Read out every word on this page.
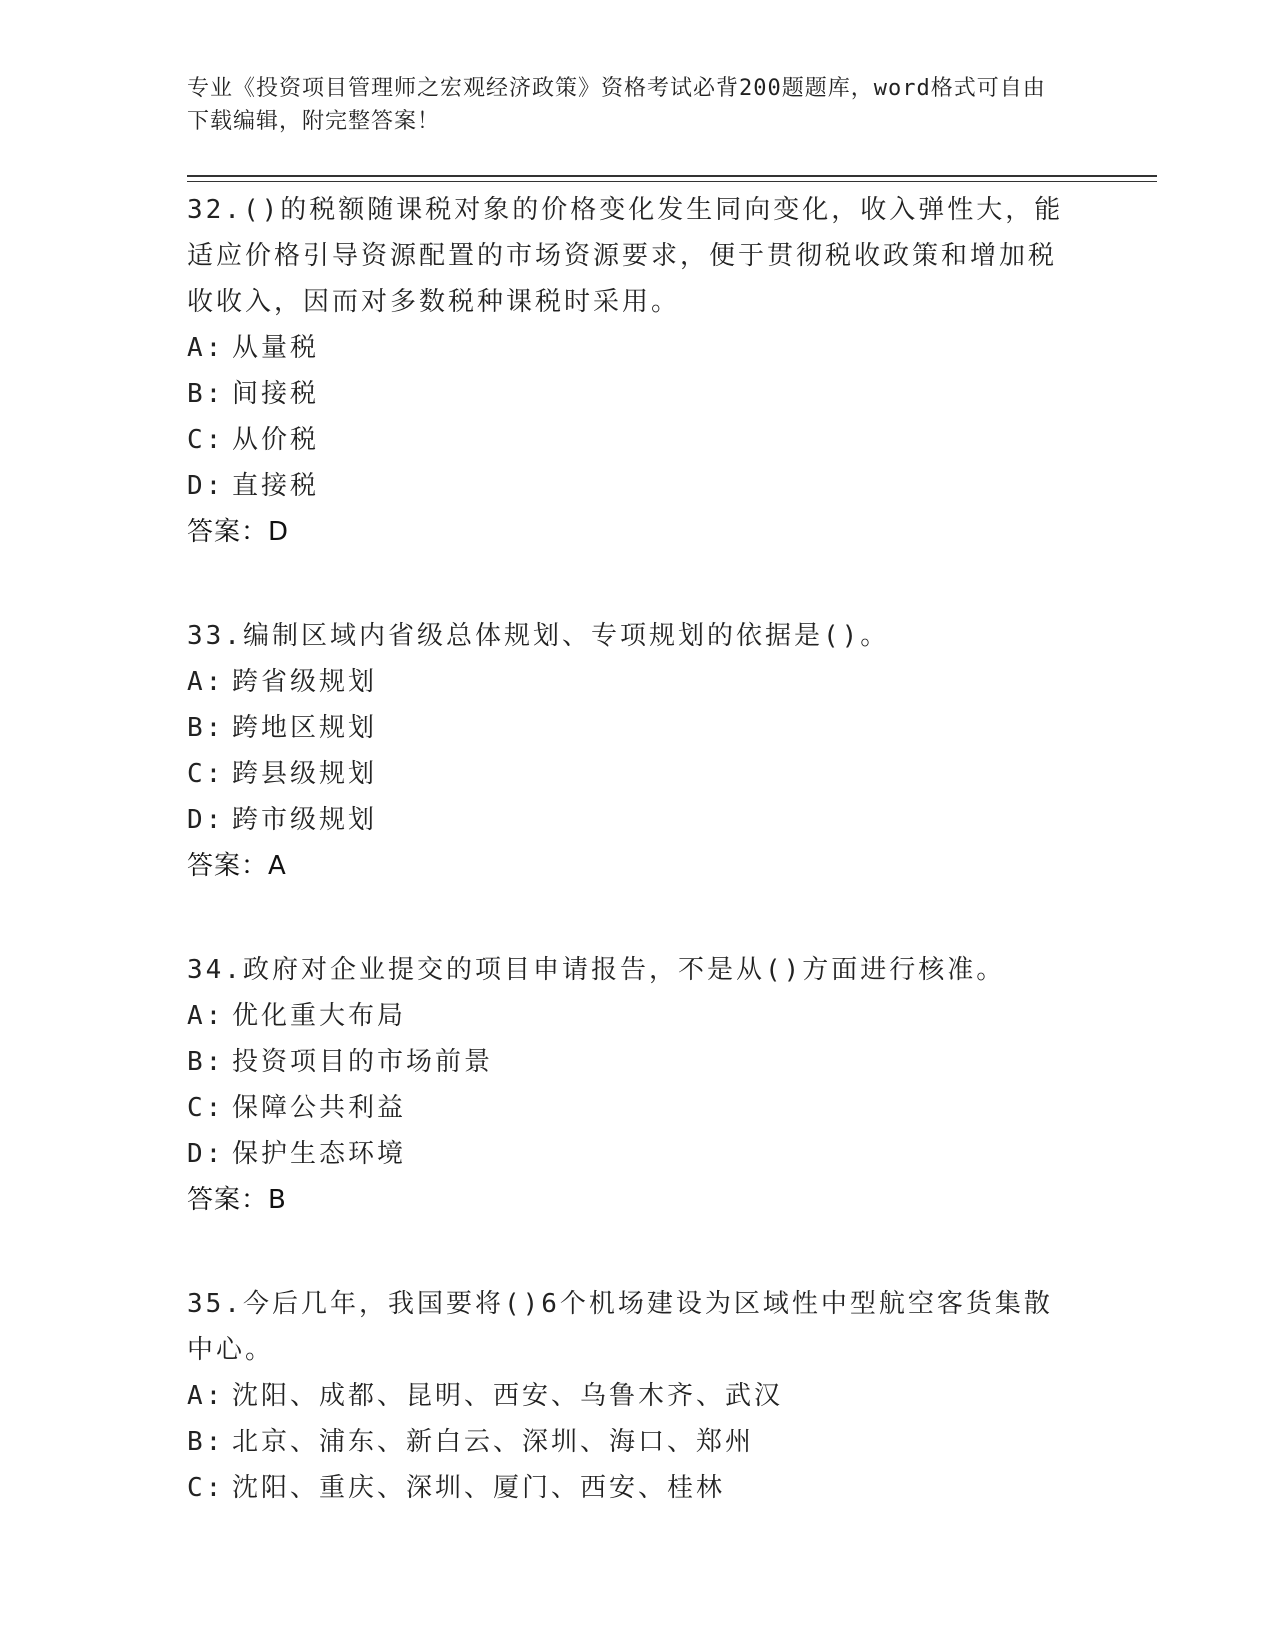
专业《投资项目管理师之宏观经济政策》资格考试必背200题题库，word格式可自由下载编辑，附完整答案！
32.()的税额随课税对象的价格变化发生同向变化，收入弹性大，能适应价格引导资源配置的市场资源要求，便于贯彻税收政策和增加税收收入，因而对多数税种课税时采用。
A: 从量税
B: 间接税
C: 从价税
D: 直接税
答案：D
33.编制区域内省级总体规划、专项规划的依据是()。
A: 跨省级规划
B: 跨地区规划
C: 跨县级规划
D: 跨市级规划
答案：A
34.政府对企业提交的项目申请报告，不是从()方面进行核准。
A: 优化重大布局
B: 投资项目的市场前景
C: 保障公共利益
D: 保护生态环境
答案：B
35.今后几年，我国要将()6个机场建设为区域性中型航空客货集散中心。
A: 沈阳、成都、昆明、西安、乌鲁木齐、武汉
B: 北京、浦东、新白云、深圳、海口、郑州
C: 沈阳、重庆、深圳、厦门、西安、桂林
